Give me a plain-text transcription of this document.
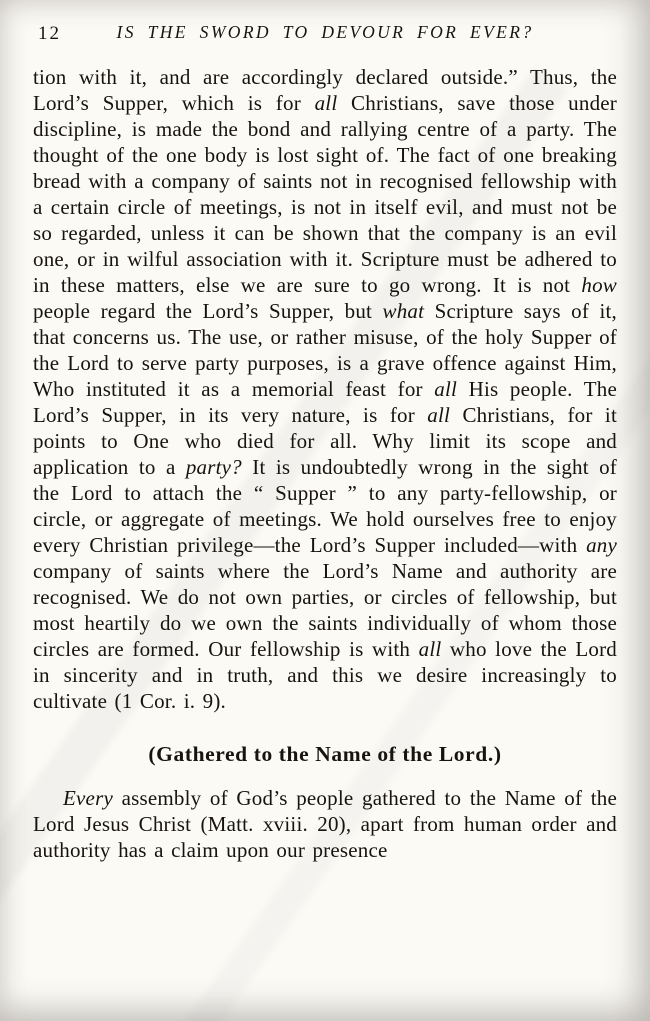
12	IS THE SWORD TO DEVOUR FOR EVER?

tion with it, and are accordingly declared outside.” Thus, the Lord’s Supper, which is for all Christians, save those under discipline, is made the bond and rallying centre of a party. The thought of the one body is lost sight of. The fact of one breaking bread with a company of saints not in recognised fellowship with a certain circle of meetings, is not in itself evil, and must not be so regarded, unless it can be shown that the company is an evil one, or in wilful association with it. Scripture must be adhered to in these matters, else we are sure to go wrong. It is not how people regard the Lord’s Supper, but what Scripture says of it, that concerns us. The use, or rather misuse, of the holy Supper of the Lord to serve party purposes, is a grave offence against Him, Who instituted it as a memorial feast for all His people. The Lord’s Supper, in its very nature, is for all Christians, for it points to One who died for all. Why limit its scope and application to a party? It is undoubtedly wrong in the sight of the Lord to attach the “ Supper ” to any party-fellowship, or circle, or aggregate of meetings. We hold ourselves free to enjoy every Christian privilege—the Lord’s Supper included—with any company of saints where the Lord’s Name and authority are recognised. We do not own parties, or circles of fellowship, but most heartily do we own the saints individually of whom those circles are formed. Our fellowship is with all who love the Lord in sincerity and in truth, and this we desire increasingly to cultivate (1 Cor. i. 9).

(Gathered to the Name of the Lord.)

Every assembly of God’s people gathered to the Name of the Lord Jesus Christ (Matt. xviii. 20), apart from human order and authority has a claim upon our presence
